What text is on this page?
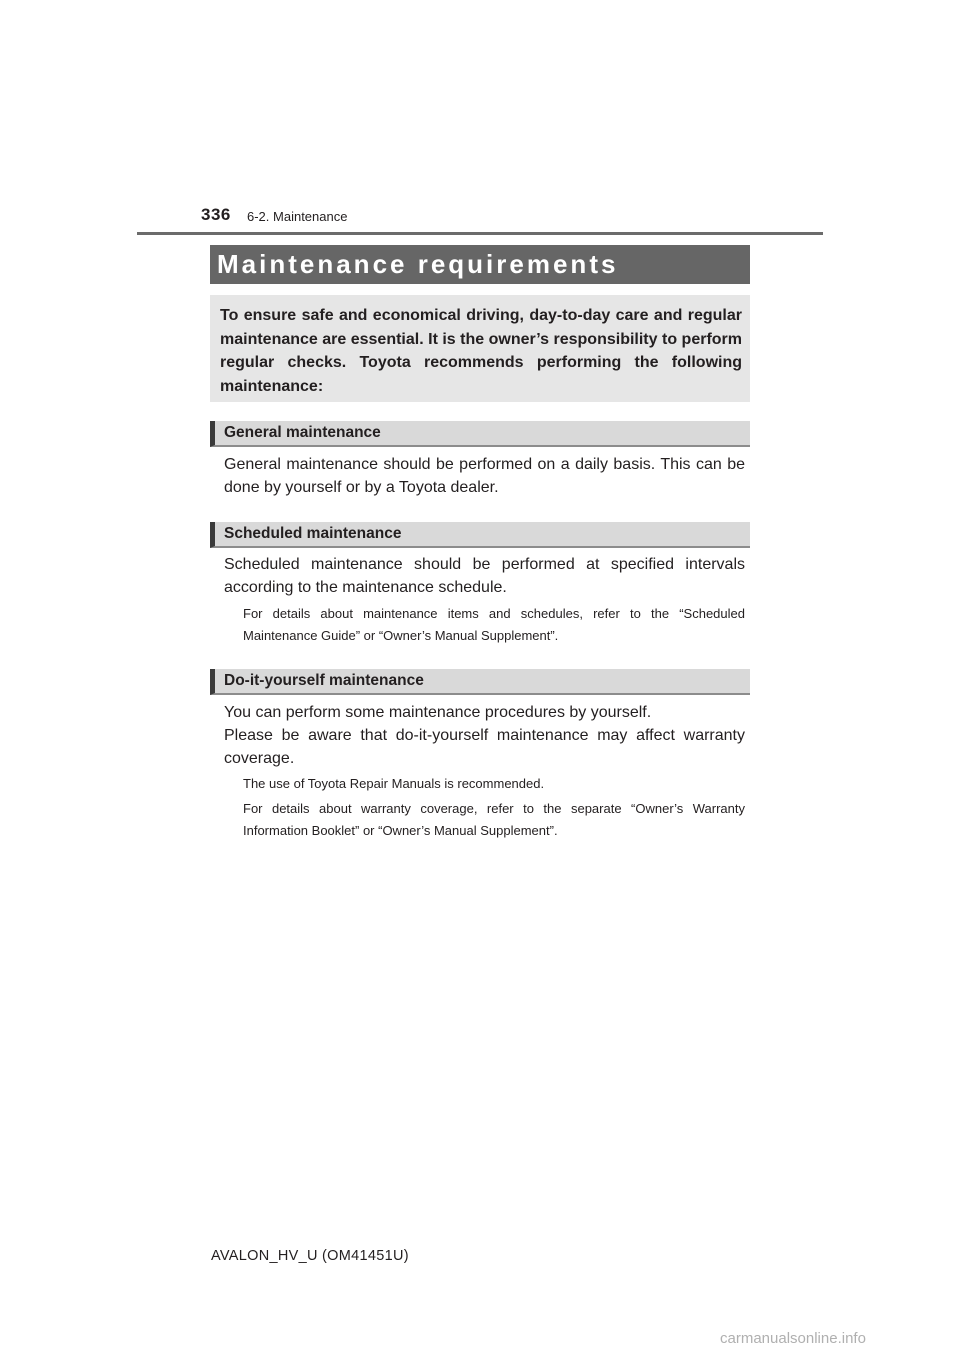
336 6-2. Maintenance
Maintenance requirements
To ensure safe and economical driving, day-to-day care and regular maintenance are essential. It is the owner’s responsibility to perform regular checks. Toyota recommends performing the following maintenance:
General maintenance
General maintenance should be performed on a daily basis. This can be done by yourself or by a Toyota dealer.
Scheduled maintenance
Scheduled maintenance should be performed at specified intervals according to the maintenance schedule.
For details about maintenance items and schedules, refer to the “Scheduled Maintenance Guide” or “Owner’s Manual Supplement”.
Do-it-yourself maintenance
You can perform some maintenance procedures by yourself.
Please be aware that do-it-yourself maintenance may affect warranty coverage.
The use of Toyota Repair Manuals is recommended.
For details about warranty coverage, refer to the separate “Owner’s Warranty Information Booklet” or “Owner’s Manual Supplement”.
AVALON_HV_U (OM41451U)
carmanualsonline.info
